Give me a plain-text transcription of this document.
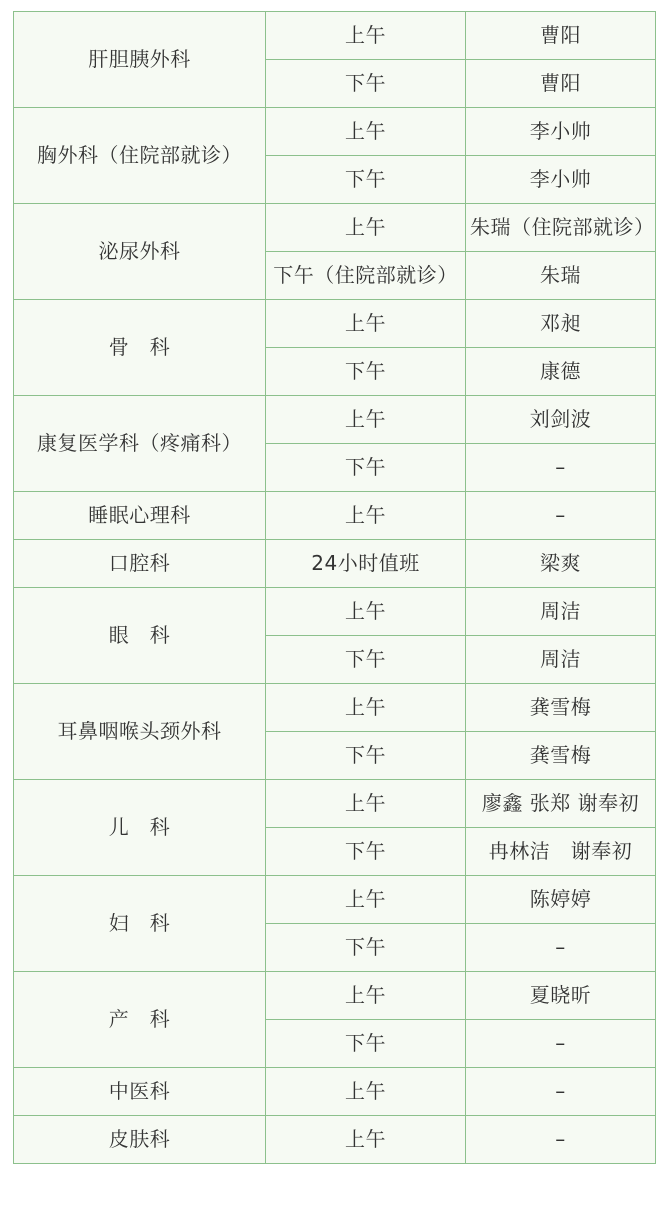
肝胆胰外科	上午	曹阳
	下午	曹阳
胸外科（住院部就诊）	上午	李小帅
	下午	李小帅
泌尿外科	上午	朱瑞（住院部就诊）
	下午（住院部就诊）	朱瑞
骨　科	上午	邓昶
	下午	康德
康复医学科（疼痛科）	上午	刘剑波
	下午	–
睡眠心理科	上午	–
口腔科	24小时值班	梁爽
眼　科	上午	周洁
	下午	周洁
耳鼻咽喉头颈外科	上午	龚雪梅
	下午	龚雪梅
儿　科	上午	廖鑫 张郑 谢奉初
	下午	冉林洁　谢奉初
妇　科	上午	陈婷婷
	下午	–
产　科	上午	夏晓昕
	下午	–
中医科	上午	–
皮肤科	上午	–
